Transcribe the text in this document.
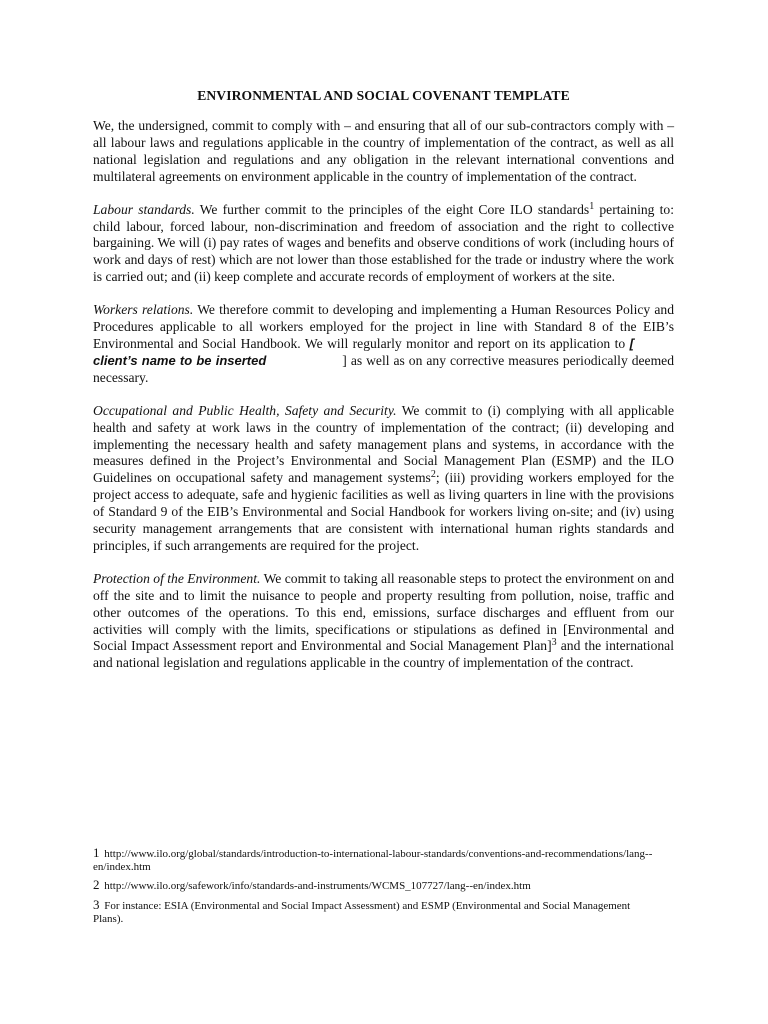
ENVIRONMENTAL AND SOCIAL COVENANT TEMPLATE

We, the undersigned, commit to comply with – and ensuring that all of our sub-contractors comply with – all labour laws and regulations applicable in the country of implementation of the contract, as well as all national legislation and regulations and any obligation in the relevant international conventions and multilateral agreements on environment applicable in the country of implementation of the contract.

Labour standards. We further commit to the principles of the eight Core ILO standards$^1$ pertaining to: child labour, forced labour, non-discrimination and freedom of association and the right to collective bargaining. We will (i) pay rates of wages and benefits and observe conditions of work (including hours of work and days of rest) which are not lower than those established for the trade or industry where the work is carried out; and (ii) keep complete and accurate records of employment of workers at the site.

Workers relations. We therefore commit to developing and implementing a Human Resources Policy and Procedures applicable to all workers employed for the project in line with Standard 8 of the EIB’s Environmental and Social Handbook. We will regularly monitor and report on its application to [client’s name to be inserted	] as well as on any corrective measures periodically deemed necessary.

Occupational and Public Health, Safety and Security. We commit to (i) complying with all applicable health and safety at work laws in the country of implementation of the contract; (ii) developing and implementing the necessary health and safety management plans and systems, in accordance with the measures defined in the Project’s Environmental and Social Management Plan (ESMP) and the ILO Guidelines on occupational safety and management systems$^2$; (iii) providing workers employed for the project access to adequate, safe and hygienic facilities as well as living quarters in line with the provisions of Standard 9 of the EIB’s Environmental and Social Handbook for workers living on-site; and (iv) using security management arrangements that are consistent with international human rights standards and principles, if such arrangements are required for the project.

Protection of the Environment. We commit to taking all reasonable steps to protect the environment on and off the site and to limit the nuisance to people and property resulting from pollution, noise, traffic and other outcomes of the operations. To this end, emissions, surface discharges and effluent from our activities will comply with the limits, specifications or stipulations as defined in [Environmental and Social Impact Assessment report and Environmental and Social Management Plan]$^3$ and the international and national legislation and regulations applicable in the country of implementation of the contract.

1 http://www.ilo.org/global/standards/introduction-to-international-labour-standards/conventions-and-recommendations/lang-- en/index.htm

2 http://www.ilo.org/safework/info/standards-and-instruments/WCMS_107727/lang--en/index.htm

3 For instance: ESIA (Environmental and Social Impact Assessment) and ESMP (Environmental and Social Management Plans).
